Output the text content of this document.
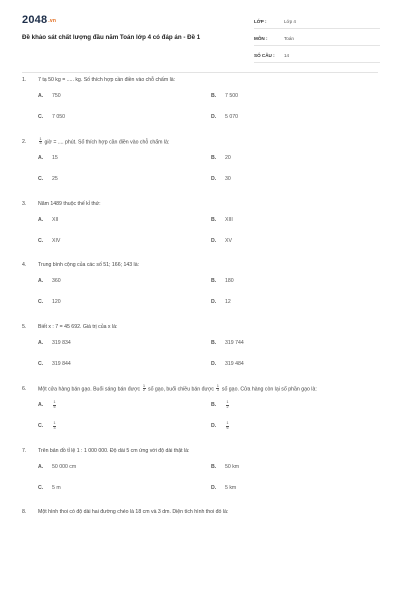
2048.vn
Đề khảo sát chất lượng đầu năm Toán lớp 4 có đáp án - Đề 1
LỚP :	Lớp 4
MÔN :	Toán
SỐ CÂU :	14
1.	7 tạ 50 kg = ..... kg. Số thích hợp cần điền vào chỗ chấm là:
A.	750	B.	7 500
C.	7 050	D.	5 070
2.	$\frac{1}{3}$ giờ = .... phút. Số thích hợp cần điền vào chỗ chấm là:
A.	15	B.	20
C.	25	D.	30
3.	Năm 1489 thuộc thế kỉ thứ:
A.	XII	B.	XIII
C.	XIV	D.	XV
4.	Trung bình cộng của các số 51; 166; 143 là:
A.	360	B.	180
C.	120	D.	12
5.	Biết x : 7 = 45 692. Giá trị của x là:
A.	319 834	B.	319 744
C.	319 844	D.	319 484
6.	Một cửa hàng bán gạo. Buổi sáng bán được $\frac{1}{2}$ số gạo, buổi chiều bán được $\frac{1}{3}$ số gạo. Cửa hàng còn lại số phần gạo là:
A.	$\frac{1}{5}$	B.	$\frac{1}{2}$
C.	$\frac{1}{3}$	D.	$\frac{1}{6}$
7.	Trên bản đồ tỉ lệ 1 : 1 000 000. Độ dài 5 cm ứng với độ dài thật là:
A.	50 000 cm	B.	50 km
C.	5 m	D.	5 km
8.	Một hình thoi có độ dài hai đường chéo là 18 cm và 3 dm. Diện tích hình thoi đó là:
